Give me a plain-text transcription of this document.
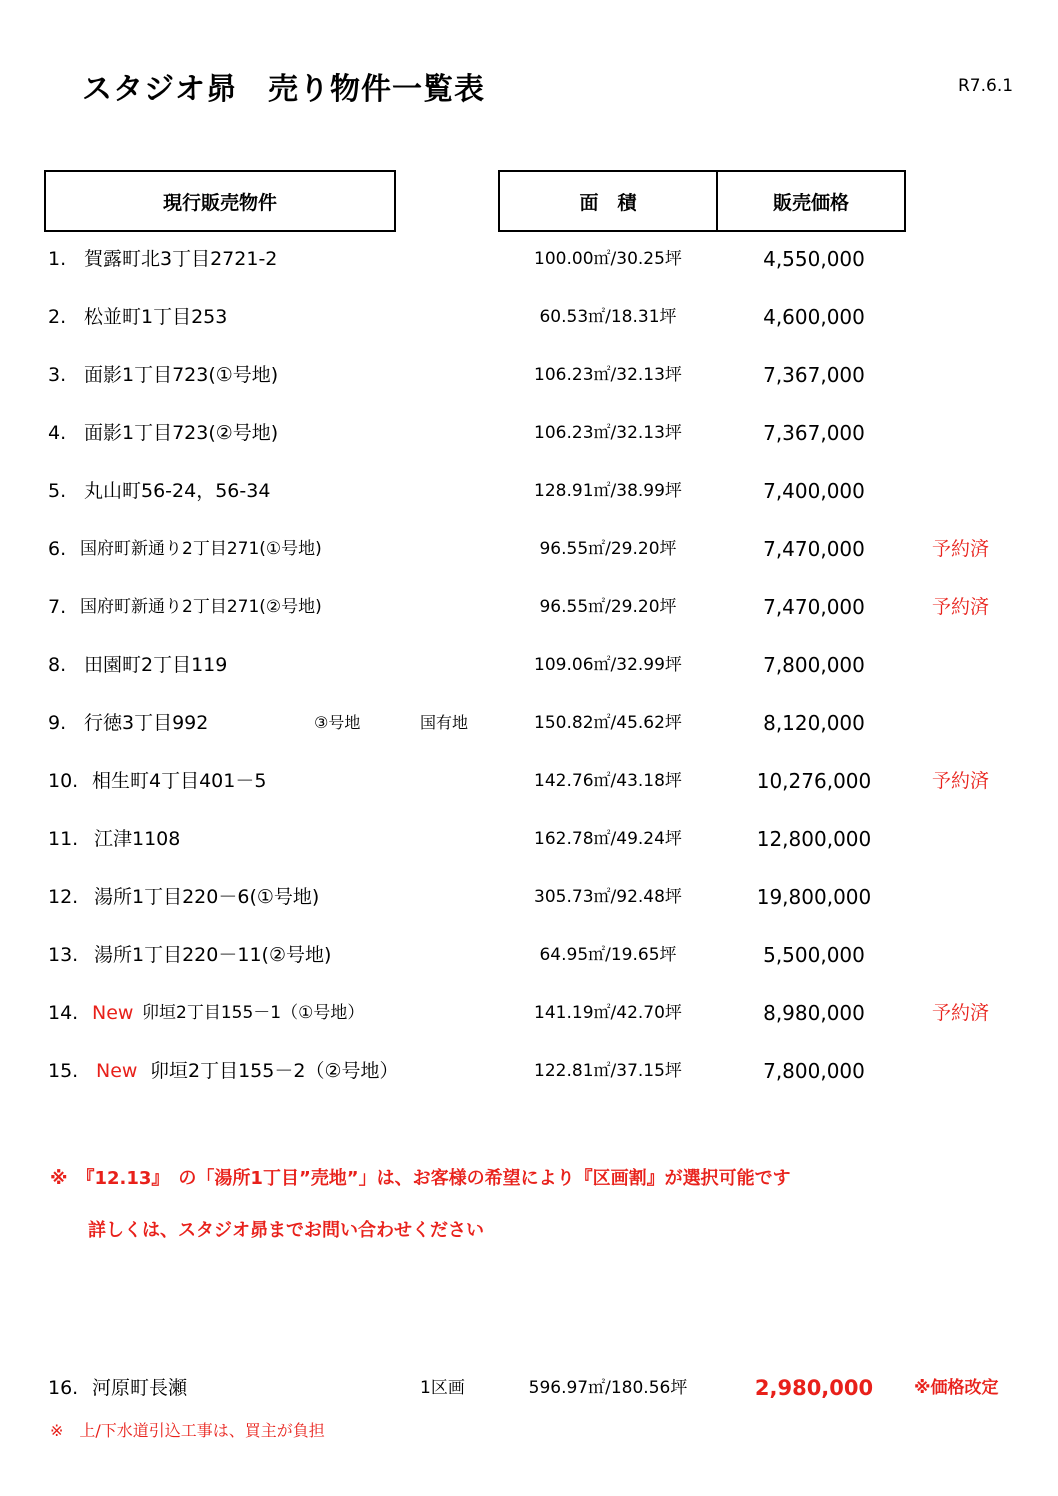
スタジオ昴　売り物件一覧表	R7.6.1
現行販売物件	面　積	販売価格
1. 賀露町北3丁目2721-2	100.00㎡/30.25坪	4,550,000
2. 松並町1丁目253	60.53㎡/18.31坪	4,600,000
3. 面影1丁目723(①号地)	106.23㎡/32.13坪	7,367,000
4. 面影1丁目723(②号地)	106.23㎡/32.13坪	7,367,000
5. 丸山町56-24，56-34	128.91㎡/38.99坪	7,400,000
6. 国府町新通り2丁目271(①号地)	96.55㎡/29.20坪	7,470,000	予約済
7. 国府町新通り2丁目271(②号地)	96.55㎡/29.20坪	7,470,000	予約済
8. 田園町2丁目119	109.06㎡/32.99坪	7,800,000
9. 行徳3丁目992	③号地	国有地	150.82㎡/45.62坪	8,120,000
10. 相生町4丁目401－5	142.76㎡/43.18坪	10,276,000	予約済
11. 江津1108	162.78㎡/49.24坪	12,800,000
12. 湯所1丁目220－6(①号地)	305.73㎡/92.48坪	19,800,000
13. 湯所1丁目220－11(②号地)	64.95㎡/19.65坪	5,500,000
14. New 卯垣2丁目155－1（①号地）	141.19㎡/42.70坪	8,980,000	予約済
15. New 卯垣2丁目155－2（②号地）	122.81㎡/37.15坪	7,800,000
※　『12.13』　の「湯所1丁目”売地”」は、お客様の希望により『区画割』が選択可能です
詳しくは、スタジオ昴までお問い合わせください
16. 河原町長瀬	1区画	596.97㎡/180.56坪	2,980,000	※価格改定
※　上/下水道引込工事は、買主が負担
